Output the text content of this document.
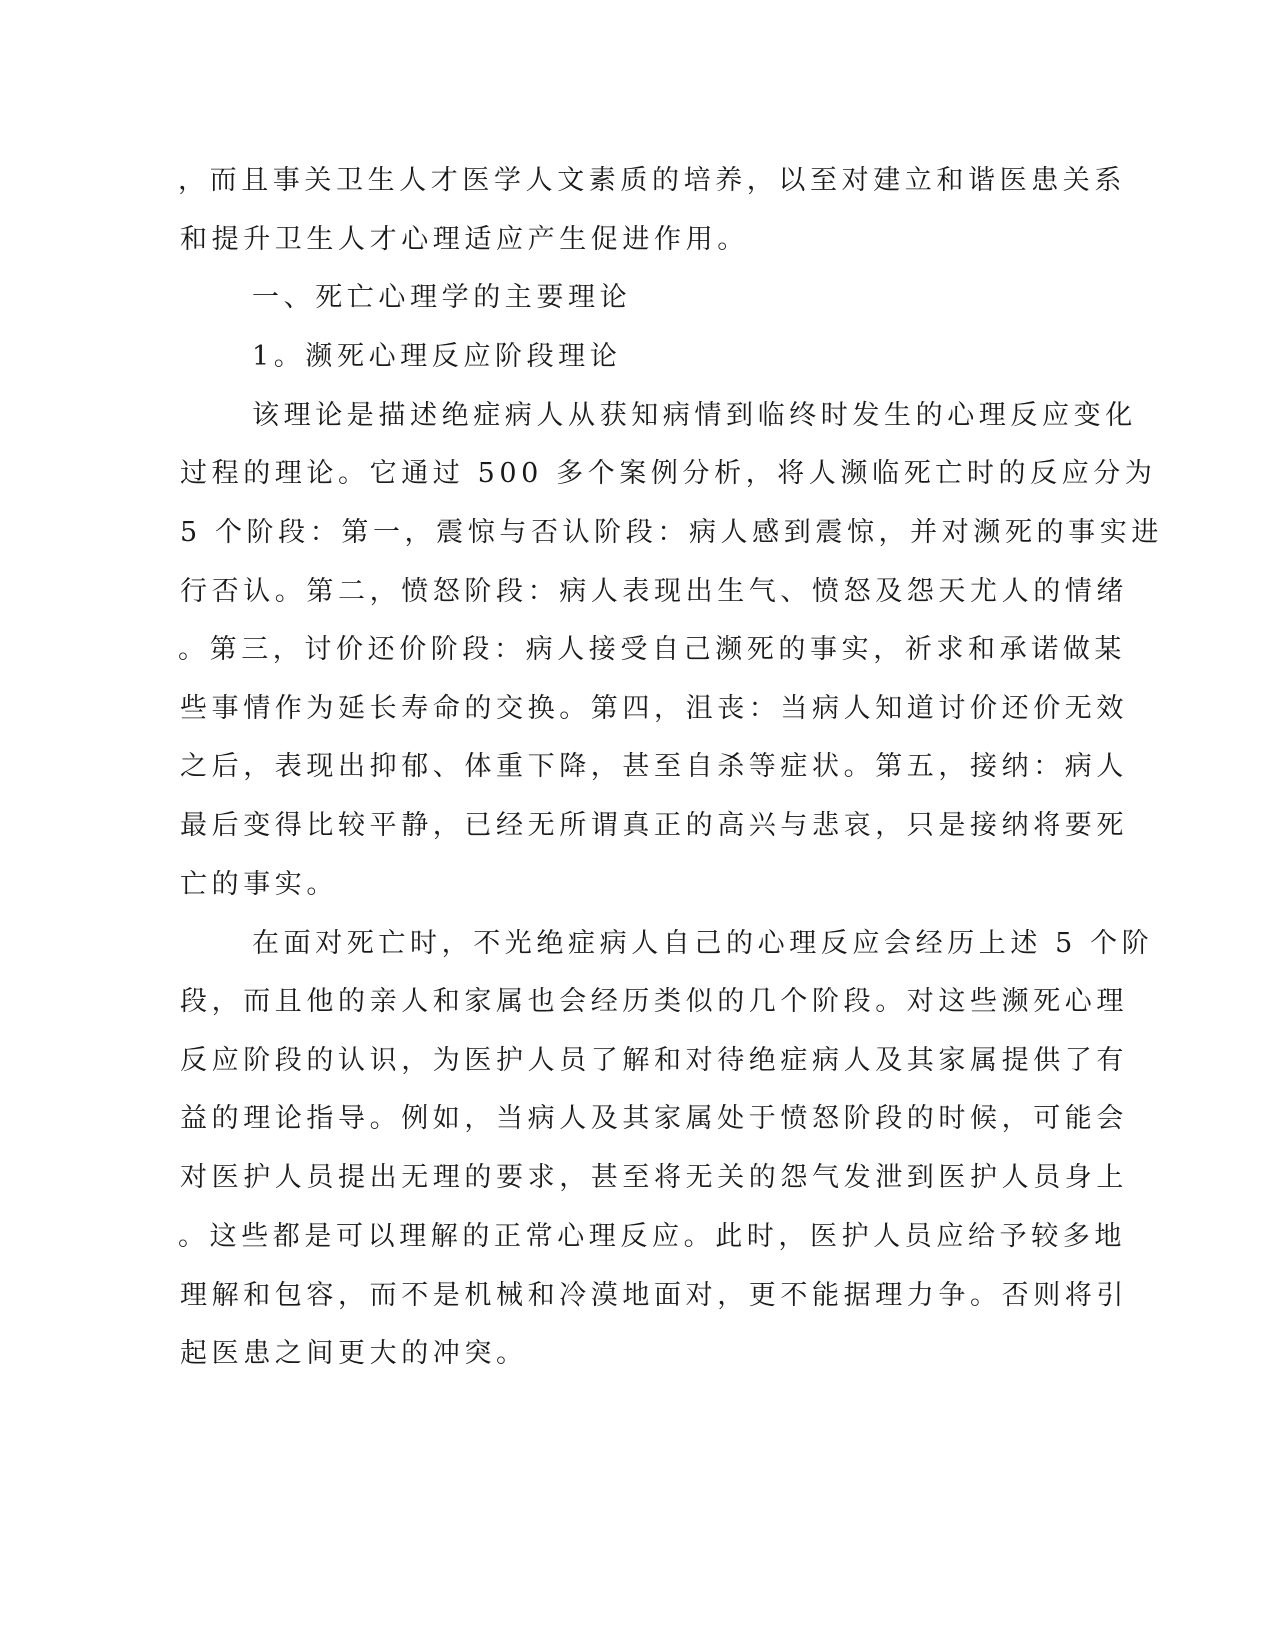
，而且事关卫生人才医学人文素质的培养，以至对建立和谐医患关系
和提升卫生人才心理适应产生促进作用。
一、死亡心理学的主要理论
1。濒死心理反应阶段理论
该理论是描述绝症病人从获知病情到临终时发生的心理反应变化
过程的理论。它通过 500 多个案例分析，将人濒临死亡时的反应分为
5 个阶段：第一，震惊与否认阶段：病人感到震惊，并对濒死的事实进
行否认。第二，愤怒阶段：病人表现出生气、愤怒及怨天尤人的情绪
。第三，讨价还价阶段：病人接受自己濒死的事实，祈求和承诺做某
些事情作为延长寿命的交换。第四，沮丧：当病人知道讨价还价无效
之后，表现出抑郁、体重下降，甚至自杀等症状。第五，接纳：病人
最后变得比较平静，已经无所谓真正的高兴与悲哀，只是接纳将要死
亡的事实。
在面对死亡时，不光绝症病人自己的心理反应会经历上述 5 个阶
段，而且他的亲人和家属也会经历类似的几个阶段。对这些濒死心理
反应阶段的认识，为医护人员了解和对待绝症病人及其家属提供了有
益的理论指导。例如，当病人及其家属处于愤怒阶段的时候，可能会
对医护人员提出无理的要求，甚至将无关的怨气发泄到医护人员身上
。这些都是可以理解的正常心理反应。此时，医护人员应给予较多地
理解和包容，而不是机械和冷漠地面对，更不能据理力争。否则将引
起医患之间更大的冲突。
